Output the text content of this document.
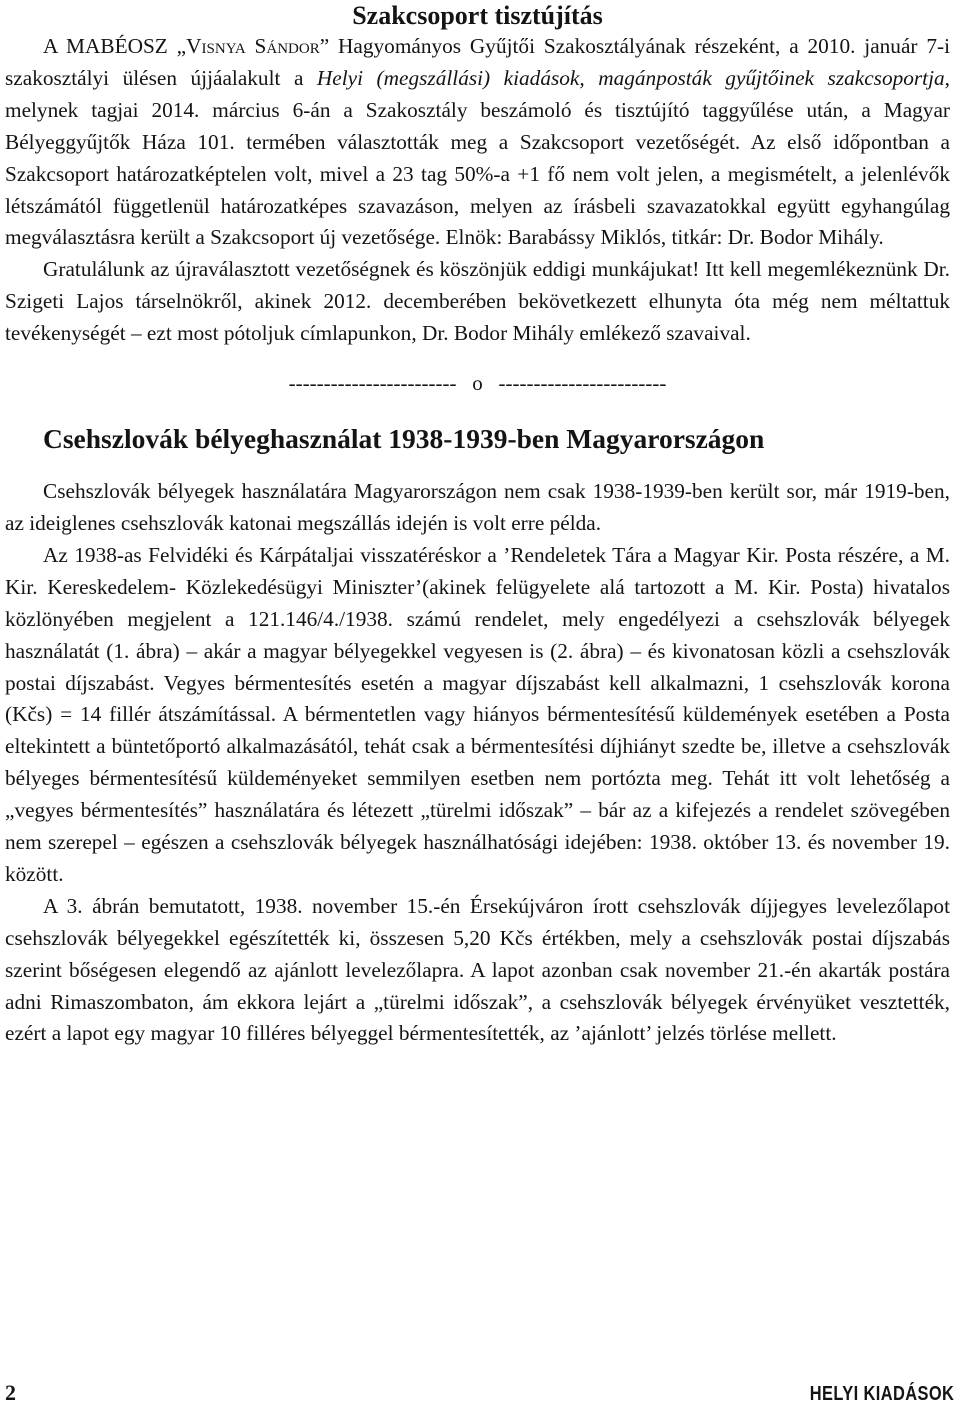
Szakcsoport tisztújítás

A MABÉOSZ „Visnya Sándor” Hagyományos Gyűjtői Szakosztályának részeként, a 2010. január 7-i szakosztályi ülésen újjáalakult a Helyi (megszállási) kiadások, magánposták gyűjtőinek szakcsoportja, melynek tagjai 2014. március 6-án a Szakosztály beszámoló és tisztújító taggyűlése után, a Magyar Bélyeggyűjtők Háza 101. termében választották meg a Szakcsoport vezetőségét. Az első időpontban a Szakcsoport határozatképtelen volt, mivel a 23 tag 50%-a +1 fő nem volt jelen, a megismételt, a jelenlévők létszámától függetlenül határozatképes szavazáson, melyen az írásbeli szavazatokkal együtt egyhangúlag megválasztásra került a Szakcsoport új vezetősége. Elnök: Barabássy Miklós, titkár: Dr. Bodor Mihály.

Gratulálunk az újraválasztott vezetőségnek és köszönjük eddigi munkájukat! Itt kell megemlékeznünk Dr. Szigeti Lajos társelnökről, akinek 2012. decemberében bekövetkezett elhunyta óta még nem méltattuk tevékenységét – ezt most pótoljuk címlapunkon, Dr. Bodor Mihály emlékező szavaival.

------------------------   o   ------------------------
Csehszlovák bélyeghasználat 1938-1939-ben Magyarországon

Csehszlovák bélyegek használatára Magyarországon nem csak 1938-1939-ben került sor, már 1919-ben, az ideiglenes csehszlovák katonai megszállás idején is volt erre példa.

Az 1938-as Felvidéki és Kárpátaljai visszatéréskor a ’Rendeletek Tára a Magyar Kir. Posta részére, a M. Kir. Kereskedelem- Közlekedésügyi Miniszter’(akinek felügyelete alá tartozott a M. Kir. Posta) hivatalos közlönyében megjelent a 121.146/4./1938. számú rendelet, mely engedélyezi a csehszlovák bélyegek használatát (1. ábra) – akár a magyar bélyegekkel vegyesen is (2. ábra) – és kivonatosan közli a csehszlovák postai díjszabást. Vegyes bérmentesítés esetén a magyar díjszabást kell alkalmazni, 1 csehszlovák korona (Kčs) = 14 fillér átszámítással. A bérmentetlen vagy hiányos bérmentesítésű küldemények esetében a Posta eltekintett a büntetőportó alkalmazásától, tehát csak a bérmentesítési díjhiányt szedte be, illetve a csehszlovák bélyeges bérmentesítésű küldeményeket semmilyen esetben nem portózta meg. Tehát itt volt lehetőség a „vegyes bérmentesítés” használatára és létezett „türelmi időszak” – bár az a kifejezés a rendelet szövegében nem szerepel – egészen a csehszlovák bélyegek használhatósági idejében: 1938. október 13. és november 19. között.

A 3. ábrán bemutatott, 1938. november 15.-én Érsekújváron írott csehszlovák díjjegyes levelezőlapot csehszlovák bélyegekkel egészítették ki, összesen 5,20 Kčs értékben, mely a csehszlovák postai díjszabás szerint bőségesen elegendő az ajánlott levelezőlapra. A lapot azonban csak november 21.-én akarták postára adni Rimaszombaton, ám ekkora lejárt a „türelmi időszak”, a csehszlovák bélyegek érvényüket vesztették, ezért a lapot egy magyar 10 filléres bélyeggel bérmentesítették, az ’ajánlott’ jelzés törlése mellett.

2	HELYI KIADÁSOK
